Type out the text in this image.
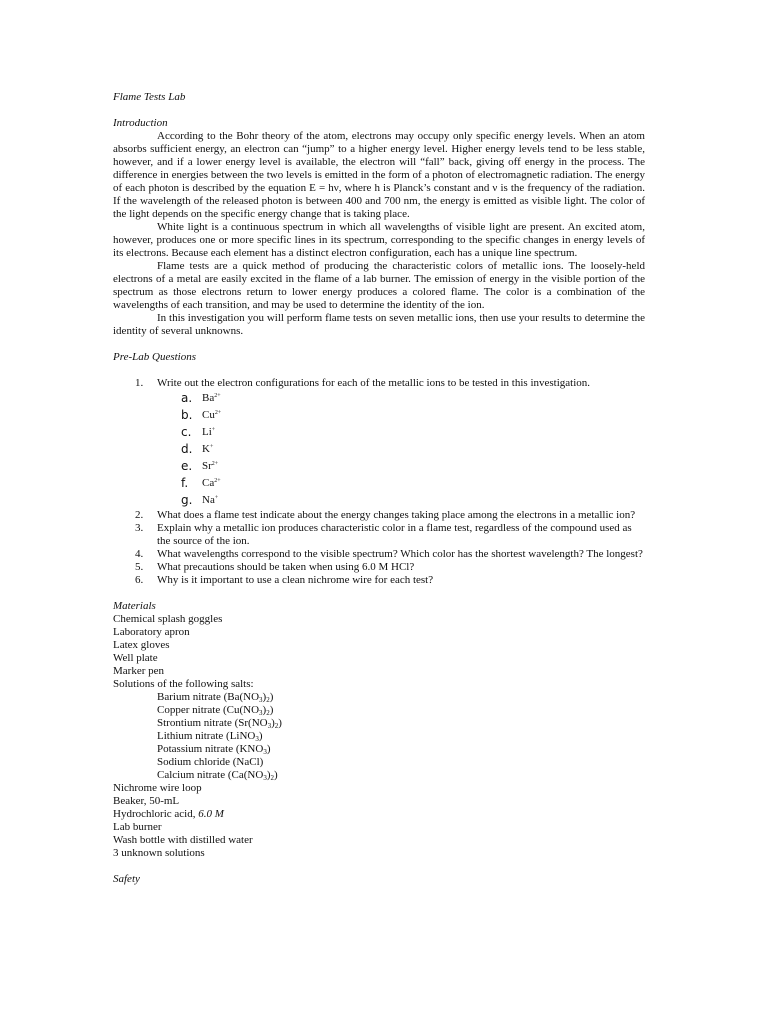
Flame Tests Lab
Introduction

According to the Bohr theory of the atom, electrons may occupy only specific energy levels. When an atom absorbs sufficient energy, an electron can “jump” to a higher energy level. Higher energy levels tend to be less stable, however, and if a lower energy level is available, the electron will “fall” back, giving off energy in the process. The difference in energies between the two levels is emitted in the form of a photon of electromagnetic radiation. The energy of each photon is described by the equation E = hν, where h is Planck’s constant and ν is the frequency of the radiation. If the wavelength of the released photon is between 400 and 700 nm, the energy is emitted as visible light. The color of the light depends on the specific energy change that is taking place.

White light is a continuous spectrum in which all wavelengths of visible light are present. An excited atom, however, produces one or more specific lines in its spectrum, corresponding to the specific changes in energy levels of its electrons. Because each element has a distinct electron configuration, each has a unique line spectrum.

Flame tests are a quick method of producing the characteristic colors of metallic ions. The loosely-held electrons of a metal are easily excited in the flame of a lab burner. The emission of energy in the visible portion of the spectrum as those electrons return to lower energy produces a colored flame. The color is a combination of the wavelengths of each transition, and may be used to determine the identity of the ion.

In this investigation you will perform flame tests on seven metallic ions, then use your results to determine the identity of several unknowns.

Pre-Lab Questions
1. Write out the electron configurations for each of the metallic ions to be tested in this investigation.
a. $Ba^{2+}$
b. $Cu^{2+}$
c. Li+
d. K+
e. $Sr^{2+}$
f. $Ca^{2+}$
g. Na+
2. What does a flame test indicate about the energy changes taking place among the electrons in a metallic ion?
3. Explain why a metallic ion produces characteristic color in a flame test, regardless of the compound used as the source of the ion.
4. What wavelengths correspond to the visible spectrum? Which color has the shortest wavelength? The longest?
5. What precautions should be taken when using 6.0 M HCl?
6. Why is it important to use a clean nichrome wire for each test?
Materials
Chemical splash goggles
Laboratory apron
Latex gloves
Well plate
Marker pen
Solutions of the following salts:
Barium nitrate $(Ba(NO_3)_2)$
Copper nitrate $(Cu(NO_3)_2)$
Strontium nitrate $(Sr(NO_3)_2)$
Lithium nitrate (LiNO$_3$)
Potassium nitrate $(KNO_3)$
Sodium chloride (NaCl)
Calcium nitrate $(Ca(NO_3)_2)$
Nichrome wire loop
Beaker, 50-mL
Hydrochloric acid, 6.0 M
Lab burner
Wash bottle with distilled water
3 unknown solutions
Safety
